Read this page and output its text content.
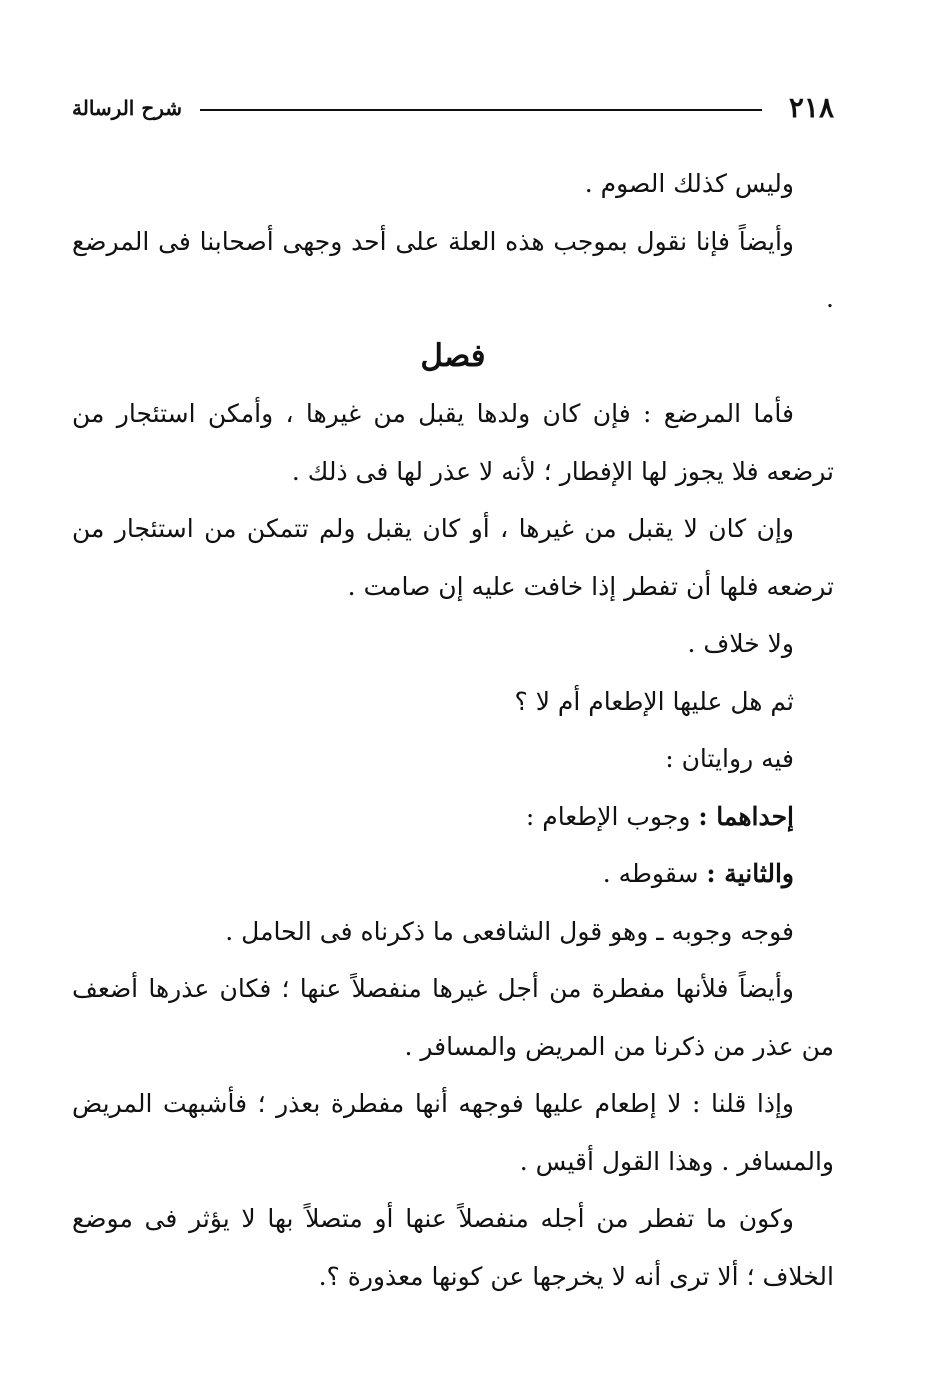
٢١٨
شرح الرسالة

وليس كذلك الصوم .

وأيضاً فإنا نقول بموجب هذه العلة على أحد وجهى أصحابنا فى المرضع .

فصل

فأما المرضع : فإن كان ولدها يقبل من غيرها ، وأمكن استئجار من ترضعه فلا يجوز لها الإفطار ؛ لأنه لا عذر لها فى ذلك .

وإن كان لا يقبل من غيرها ، أو كان يقبل ولم تتمكن من استئجار من ترضعه فلها أن تفطر إذا خافت عليه إن صامت .

ولا خلاف .

ثم هل عليها الإطعام أم لا ؟

فيه روايتان :

إحداهما : وجوب الإطعام :

والثانية : سقوطه .

فوجه وجوبه ـ وهو قول الشافعى ما ذكرناه فى الحامل .

وأيضاً فلأنها مفطرة من أجل غيرها منفصلاً عنها ؛ فكان عذرها أضعف من عذر من ذكرنا من المريض والمسافر .

وإذا قلنا : لا إطعام عليها فوجهه أنها مفطرة بعذر ؛ فأشبهت المريض والمسافر . وهذا القول أقيس .

وكون ما تفطر من أجله منفصلاً عنها أو متصلاً بها لا يؤثر فى موضع الخلاف ؛ ألا ترى أنه لا يخرجها عن كونها معذورة ؟.
